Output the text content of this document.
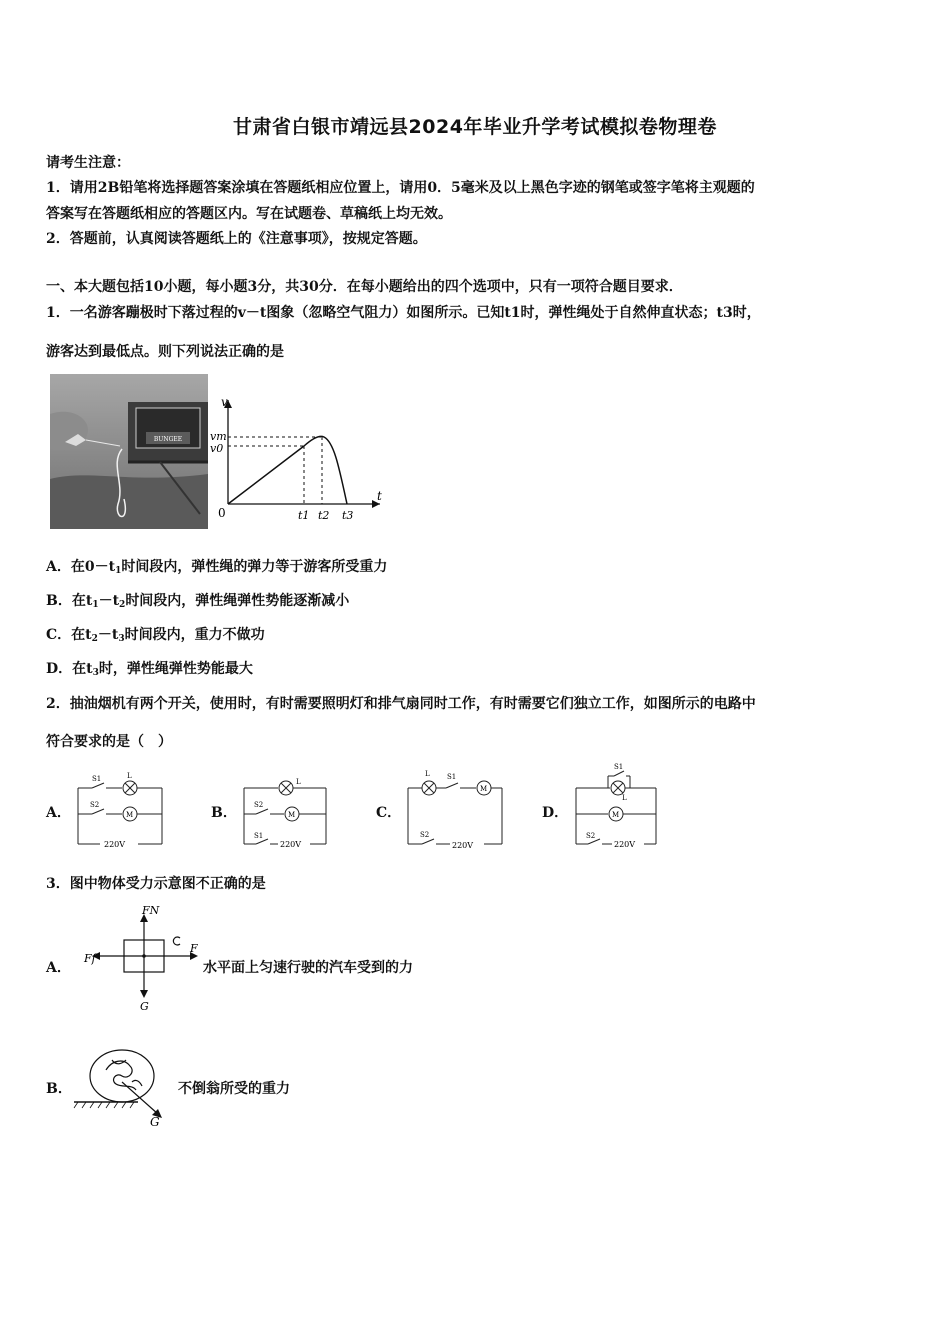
甘肃省白银市靖远县2024年毕业升学考试模拟卷物理卷
请考生注意：
1．请用2B铅笔将选择题答案涂填在答题纸相应位置上，请用0．5毫米及以上黑色字迹的钢笔或签字笔将主观题的
答案写在答题纸相应的答题区内。写在试题卷、草稿纸上均无效。
2．答题前，认真阅读答题纸上的《注意事项》，按规定答题。
一、本大题包括10小题，每小题3分，共30分．在每小题给出的四个选项中，只有一项符合题目要求．
1．一名游客蹦极时下落过程的v－t图象（忽略空气阻力）如图所示。已知t1时，弹性绳处于自然伸直状态；t3时，
游客达到最低点。则下列说法正确的是
BUNGEE
v
t
0
vm
v0
t1 t2 t3
A．在$0-t_1$时间段内，弹性绳的弹力等于游客所受重力
B．在$t_1-t_2$时间段内，弹性绳弹性势能逐渐减小
C．在$t_2-t_3$时间段内，重力不做功
D．在$t_3$时，弹性绳弹性势能最大
2．抽油烟机有两个开关，使用时，有时需要照明灯和排气扇同时工作，有时需要它们独立工作，如图所示的电路中
符合要求的是（　）
A．	B．	C．	D．
S1	L
S2
M
220V
L
S2
M
S1
220V
L S1
M
S2
220V
S1
L
M
S2
220V
3．图中物体受力示意图不正确的是
A．
FN
Ff
F
G
水平面上匀速行驶的汽车受到的力
B．
G
不倒翁所受的重力
